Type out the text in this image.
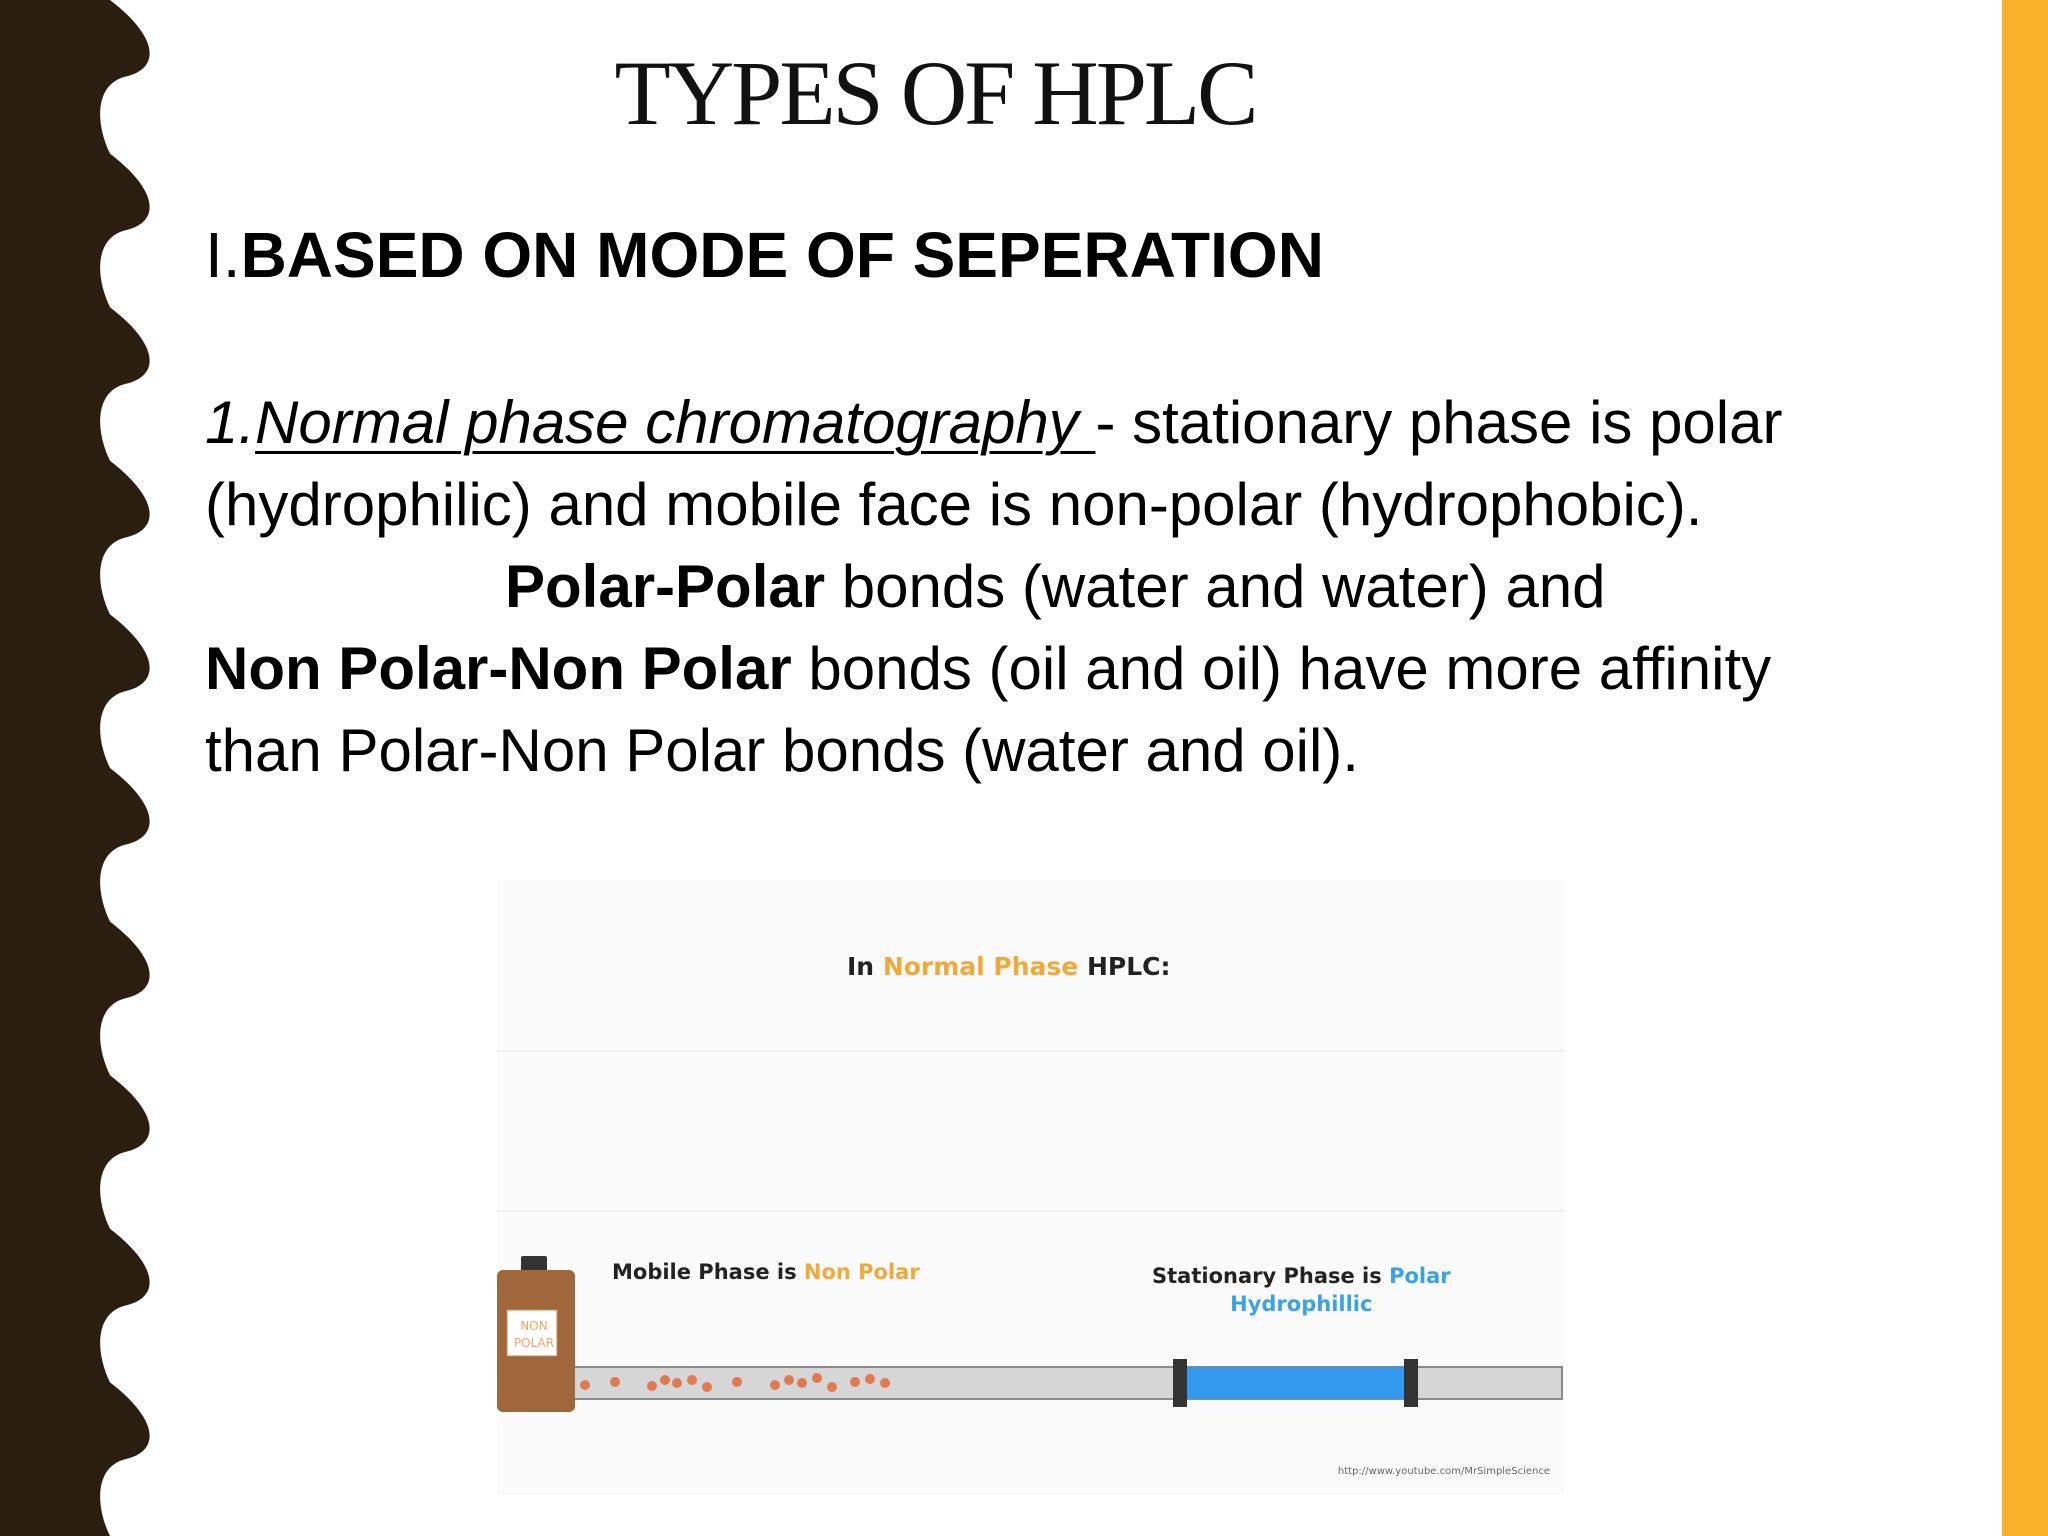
TYPES OF HPLC
I.BASED ON MODE OF SEPERATION

1.Normal phase chromatography - stationary phase is polar (hydrophilic) and mobile face is non-polar (hydrophobic).

Polar-Polar bonds (water and water) and

Non Polar-Non Polar bonds (oil and oil) have more affinity than Polar-Non Polar bonds (water and oil).

In Normal Phase HPLC:
Mobile Phase is Non Polar	Stationary Phase is Polar
Hydrophillic
NON
POLAR
http://www.youtube.com/MrSimpleScience
